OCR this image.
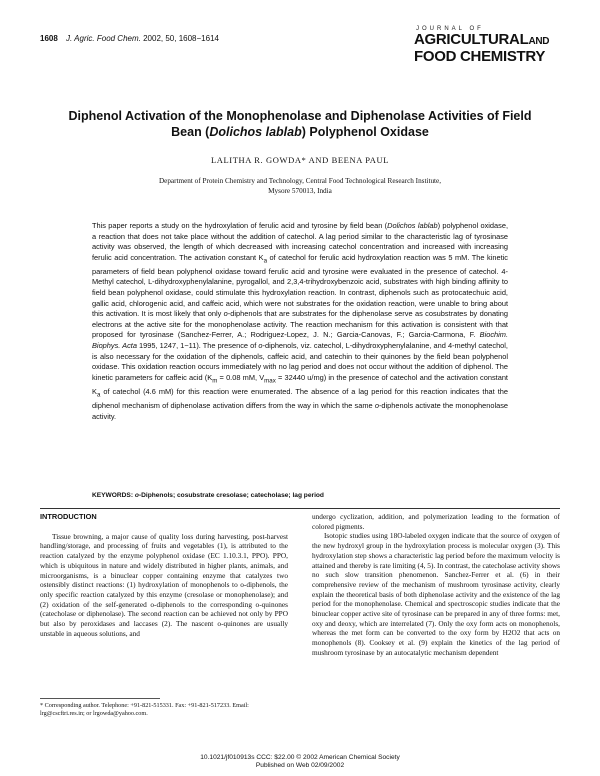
1608 J. Agric. Food Chem. 2002, 50, 1608−1614
JOURNAL OF
AGRICULTURALAND
FOOD CHEMISTRY
Diphenol Activation of the Monophenolase and Diphenolase Activities of Field Bean (Dolichos lablab) Polyphenol Oxidase
LALITHA R. GOWDA* AND BEENA PAUL
Department of Protein Chemistry and Technology, Central Food Technological Research Institute,
Mysore 570013, India
This paper reports a study on the hydroxylation of ferulic acid and tyrosine by field bean (Dolichos lablab) polyphenol oxidase, a reaction that does not take place without the addition of catechol. A lag period similar to the characteristic lag of tyrosinase activity was observed, the length of which decreased with increasing catechol concentration and increased with increasing ferulic acid concentration. The activation constant $K_a$ of catechol for ferulic acid hydroxylation reaction was 5 mM. The kinetic parameters of field bean polyphenol oxidase toward ferulic acid and tyrosine were evaluated in the presence of catechol. 4-Methyl catechol, L-dihydroxyphenylalanine, pyrogallol, and 2,3,4-trihydroxybenzoic acid, substrates with high binding affinity to field bean polyphenol oxidase, could stimulate this hydroxylation reaction. In contrast, diphenols such as protocatechuic acid, gallic acid, chlorogenic acid, and caffeic acid, which were not substrates for the oxidation reaction, were unable to bring about this activation. It is most likely that only o-diphenols that are substrates for the diphenolase serve as cosubstrates by donating electrons at the active site for the monophenolase activity. The reaction mechanism for this activation is consistent with that proposed for tyrosinase (Sanchez-Ferrer, A.; Rodriguez-Lopez, J. N.; Garcia-Canovas, F.; Garcia-Carmona, F. Biochim. Biophys. Acta 1995, 1247, 1−11). The presence of o-diphenols, viz. catechol, L-dihydroxyphenylalanine, and 4-methyl catechol, is also necessary for the oxidation of the diphenols, caffeic acid, and catechin to their quinones by the field bean polyphenol oxidase. This oxidation reaction occurs immediately with no lag period and does not occur without the addition of diphenol. The kinetic parameters for caffeic acid ($K_m = 0.08$ mM, $V_{max} = 32440$ u/mg) in the presence of catechol and the activation constant $K_a$ of catechol (4.6 mM) for this reaction were enumerated. The absence of a lag period for this reaction indicates that the diphenol mechanism of diphenolase activation differs from the way in which the same o-diphenols activate the monophenolase activity.
KEYWORDS: o-Diphenols; cosubstrate cresolase; catecholase; lag period
INTRODUCTION

Tissue browning, a major cause of quality loss during harvesting, post-harvest handling/storage, and processing of fruits and vegetables (1), is attributed to the reaction catalyzed by the enzyme polyphenol oxidase (EC 1.10.3.1, PPO). PPO, which is ubiquitous in nature and widely distributed in higher plants, animals, and microorganisms, is a binuclear copper containing enzyme that catalyzes two ostensibly distinct reactions: (1) hydroxylation of monophenols to o-diphenols, the only specific reaction catalyzed by this enzyme (cresolase or monophenolase); and (2) oxidation of the self-generated o-diphenols to the corresponding o-quinones (catecholase or diphenolase). The second reaction can be achieved not only by PPO but also by peroxidases and laccases (2). The nascent o-quinones are usually unstable in aqueous solutions, and

undergo cyclization, addition, and polymerization leading to the formation of colored pigments.

Isotopic studies using 18O-labeled oxygen indicate that the source of oxygen of the new hydroxyl group in the hydroxylation process is molecular oxygen (3). This hydroxylation step shows a characteristic lag period before the maximum velocity is attained and thereby is rate limiting (4, 5). In contrast, the catecholase activity shows no such slow transition phenomenon. Sanchez-Ferrer et al. (6) in their comprehensive review of the mechanism of mushroom tyrosinase activity, clearly explain the theoretical basis of both diphenolase activity and the existence of the lag period for the monophenolase. Chemical and spectroscopic studies indicate that the binuclear copper active site of tyrosinase can be prepared in any of three forms: met, oxy and deoxy, which are interrelated (7). Only the oxy form acts on monophenols, whereas the met form can be converted to the oxy form by H2O2 that acts on monophenols (8). Cooksey et al. (9) explain the kinetics of the lag period of mushroom tyrosinase by an autocatalytic mechanism dependent

* Corresponding author. Telephone: +91-821-515331. Fax: +91-821-517233. Email: lrg@cscftri.res.in; or lrgowda@yahoo.com.
10.1021/jf010913s CCC: $22.00 © 2002 American Chemical Society
Published on Web 02/09/2002
